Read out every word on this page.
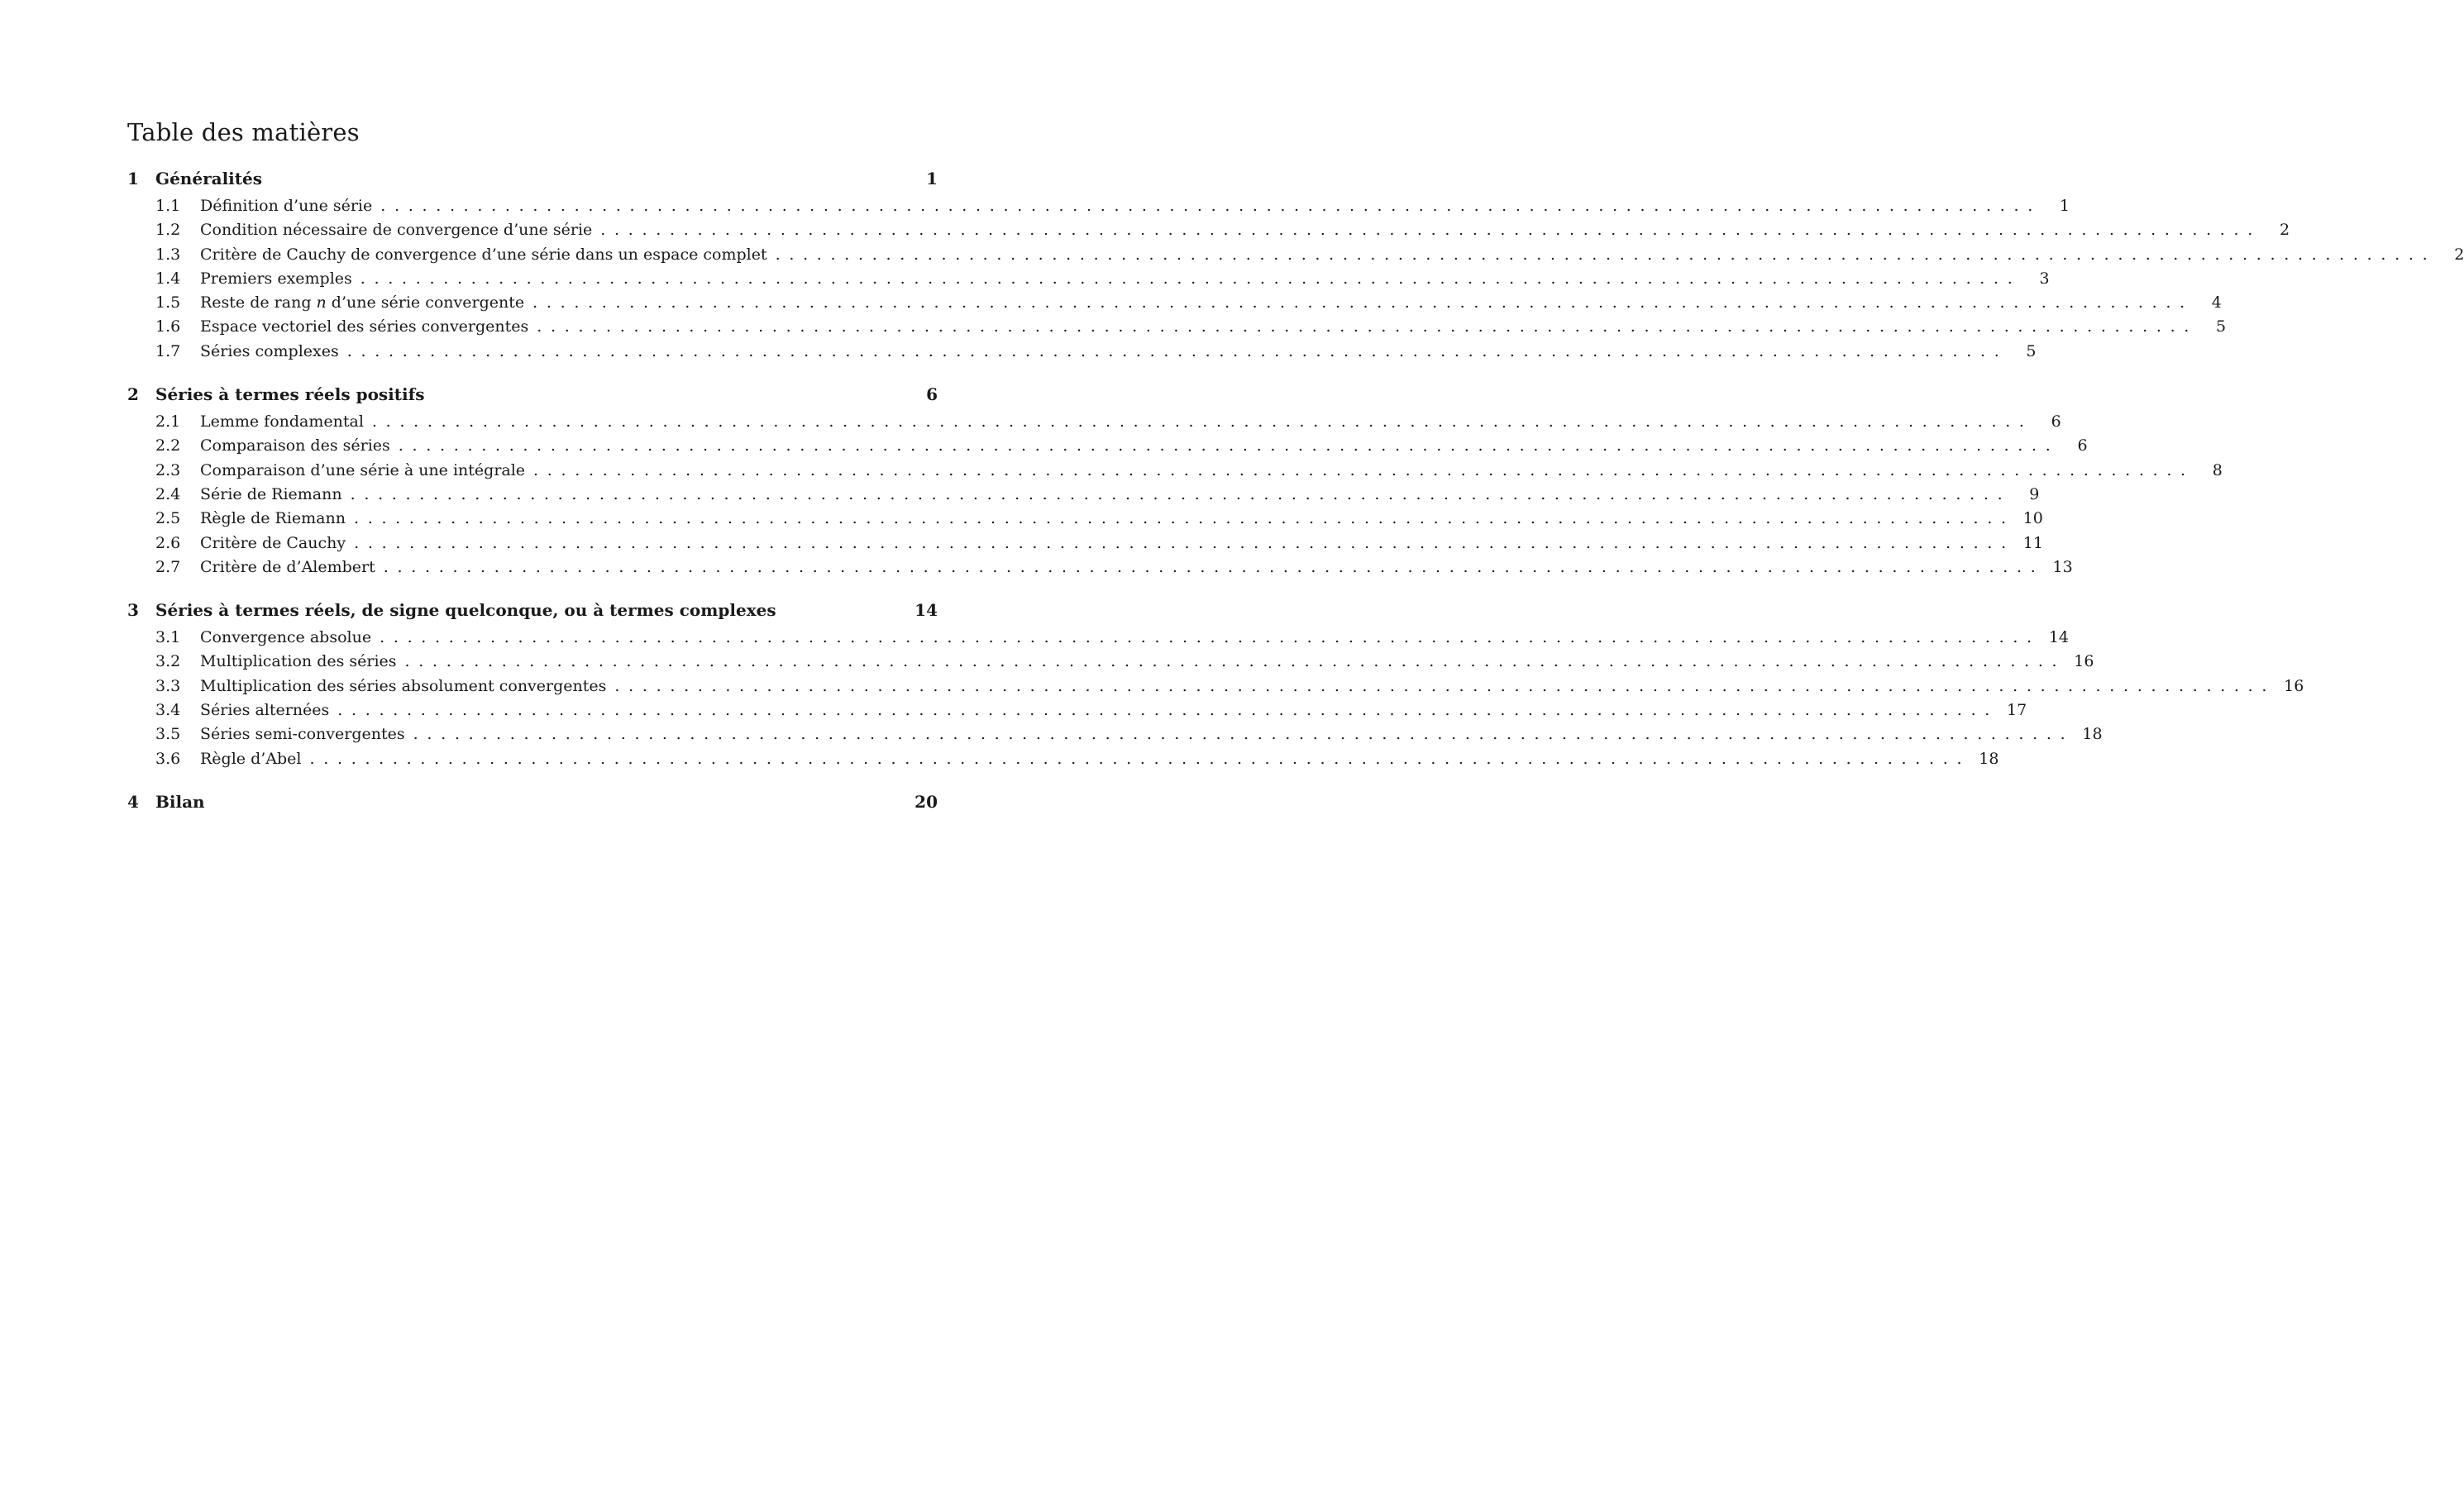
Table des matières
1	Généralités	1
1.1	Définition d’une série ........................................................................................................................	1
1.2	Condition nécessaire de convergence d’une série ........................................................................................................................	2
1.3	Critère de Cauchy de convergence d’une série dans un espace complet ........................................................................................................................	2
1.4	Premiers exemples ........................................................................................................................	3
1.5	Reste de rang n d’une série convergente ........................................................................................................................	4
1.6	Espace vectoriel des séries convergentes ........................................................................................................................	5
1.7	Séries complexes ........................................................................................................................	5
2	Séries à termes réels positifs	6
2.1	Lemme fondamental ........................................................................................................................	6
2.2	Comparaison des séries ........................................................................................................................	6
2.3	Comparaison d’une série à une intégrale ........................................................................................................................	8
2.4	Série de Riemann ........................................................................................................................	9
2.5	Règle de Riemann ........................................................................................................................ 10
2.6	Critère de Cauchy ........................................................................................................................ 11
2.7	Critère de d’Alembert ........................................................................................................................ 13
3	Séries à termes réels, de signe quelconque, ou à termes complexes	14
3.1	Convergence absolue ........................................................................................................................ 14
3.2	Multiplication des séries ........................................................................................................................ 16
3.3	Multiplication des séries absolument convergentes ........................................................................................................................ 16
3.4	Séries alternées ........................................................................................................................ 17
3.5	Séries semi-convergentes ........................................................................................................................ 18
3.6	Règle d’Abel ........................................................................................................................ 18
4	Bilan	20
